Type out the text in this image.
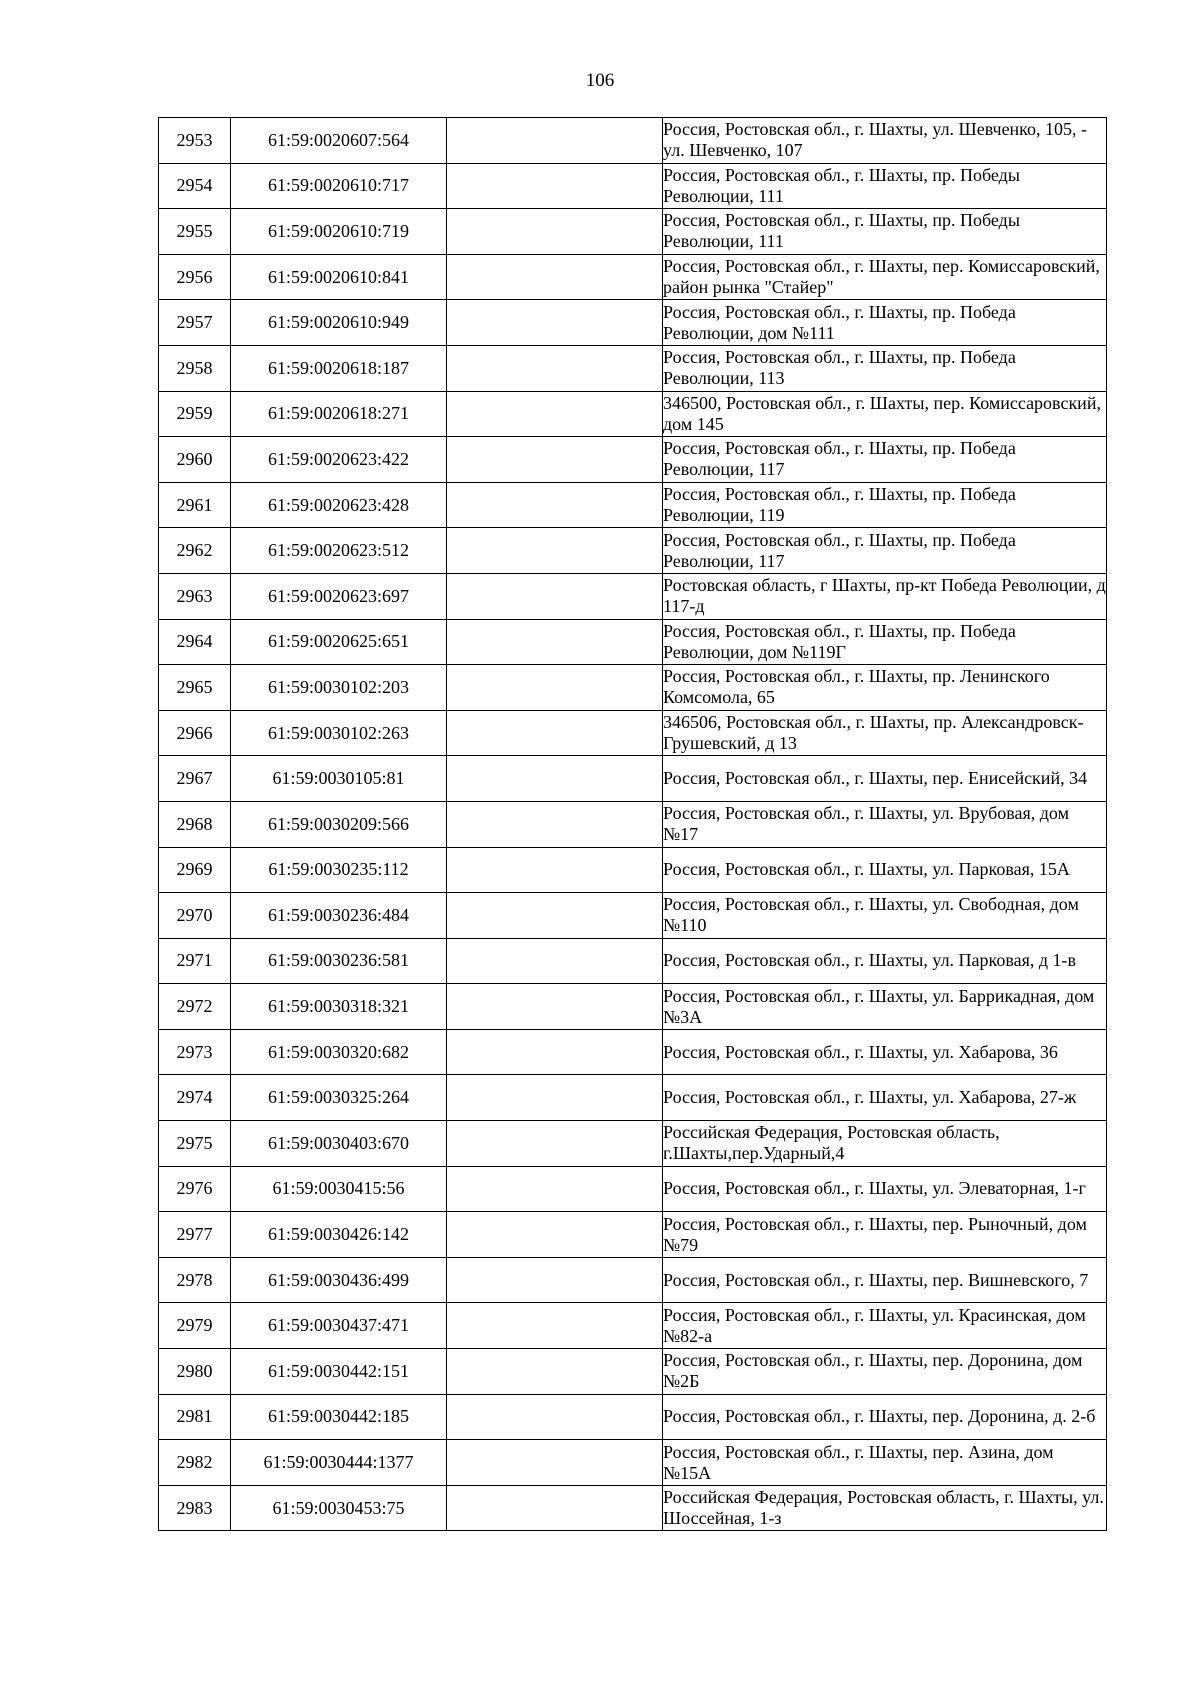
106
2953	61:59:0020607:564		Россия, Ростовская обл., г. Шахты, ул. Шевченко, 105, - ул. Шевченко, 107
2954	61:59:0020610:717		Россия, Ростовская обл., г. Шахты, пр. Победы Революции, 111
2955	61:59:0020610:719		Россия, Ростовская обл., г. Шахты, пр. Победы Революции, 111
2956	61:59:0020610:841		Россия, Ростовская обл., г. Шахты, пер. Комиссаровский, район рынка "Стайер"
2957	61:59:0020610:949		Россия, Ростовская обл., г. Шахты, пр. Победа Революции, дом №111
2958	61:59:0020618:187		Россия, Ростовская обл., г. Шахты, пр. Победа Революции, 113
2959	61:59:0020618:271		346500, Ростовская обл., г. Шахты, пер. Комиссаровский, дом 145
2960	61:59:0020623:422		Россия, Ростовская обл., г. Шахты, пр. Победа Революции, 117
2961	61:59:0020623:428		Россия, Ростовская обл., г. Шахты, пр. Победа Революции, 119
2962	61:59:0020623:512		Россия, Ростовская обл., г. Шахты, пр. Победа Революции, 117
2963	61:59:0020623:697		Ростовская область, г Шахты, пр-кт Победа Революции, д 117-д
2964	61:59:0020625:651		Россия, Ростовская обл., г. Шахты, пр. Победа Революции, дом №119Г
2965	61:59:0030102:203		Россия, Ростовская обл., г. Шахты, пр. Ленинского Комсомола, 65
2966	61:59:0030102:263		346506, Ростовская обл., г. Шахты, пр. Александровск-Грушевский, д 13
2967	61:59:0030105:81		Россия, Ростовская обл., г. Шахты, пер. Енисейский, 34
2968	61:59:0030209:566		Россия, Ростовская обл., г. Шахты, ул. Врубовая, дом №17
2969	61:59:0030235:112		Россия, Ростовская обл., г. Шахты, ул. Парковая, 15А
2970	61:59:0030236:484		Россия, Ростовская обл., г. Шахты, ул. Свободная, дом №110
2971	61:59:0030236:581		Россия, Ростовская обл., г. Шахты, ул. Парковая, д 1-в
2972	61:59:0030318:321		Россия, Ростовская обл., г. Шахты, ул. Баррикадная, дом №3А
2973	61:59:0030320:682		Россия, Ростовская обл., г. Шахты, ул. Хабарова, 36
2974	61:59:0030325:264		Россия, Ростовская обл., г. Шахты, ул. Хабарова, 27-ж
2975	61:59:0030403:670		Российская Федерация, Ростовская область, г.Шахты,пер.Ударный,4
2976	61:59:0030415:56		Россия, Ростовская обл., г. Шахты, ул. Элеваторная, 1-г
2977	61:59:0030426:142		Россия, Ростовская обл., г. Шахты, пер. Рыночный, дом №79
2978	61:59:0030436:499		Россия, Ростовская обл., г. Шахты, пер. Вишневского, 7
2979	61:59:0030437:471		Россия, Ростовская обл., г. Шахты, ул. Красинская, дом №82-а
2980	61:59:0030442:151		Россия, Ростовская обл., г. Шахты, пер. Доронина, дом №2Б
2981	61:59:0030442:185		Россия, Ростовская обл., г. Шахты, пер. Доронина, д. 2-б
2982	61:59:0030444:1377		Россия, Ростовская обл., г. Шахты, пер. Азина, дом №15А
2983	61:59:0030453:75		Российская Федерация, Ростовская область, г. Шахты, ул. Шоссейная, 1-з
